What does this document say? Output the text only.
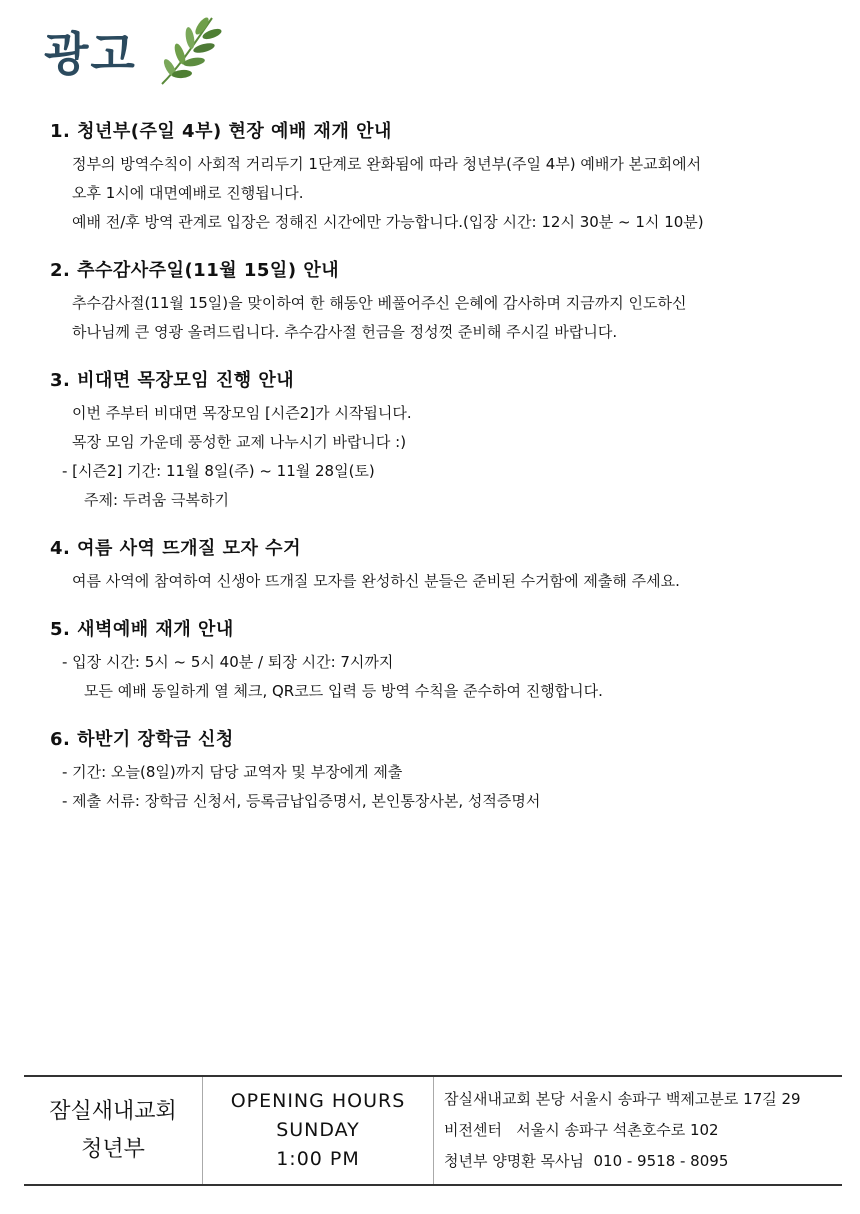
광고
1. 청년부(주일 4부) 현장 예배 재개 안내
정부의 방역수칙이 사회적 거리두기 1단계로 완화됨에 따라 청년부(주일 4부) 예배가 본교회에서
오후 1시에 대면예배로 진행됩니다.
예배 전/후 방역 관계로 입장은 정해진 시간에만 가능합니다.(입장 시간: 12시 30분 ~ 1시 10분)
2. 추수감사주일(11월 15일) 안내
추수감사절(11월 15일)을 맞이하여 한 해동안 베풀어주신 은혜에 감사하며 지금까지 인도하신
하나님께 큰 영광 올려드립니다. 추수감사절 헌금을 정성껏 준비해 주시길 바랍니다.
3. 비대면 목장모임 진행 안내
이번 주부터 비대면 목장모임 [시즌2]가 시작됩니다.
목장 모임 가운데 풍성한 교제 나누시기 바랍니다 :)
- [시즌2] 기간: 11월 8일(주) ~ 11월 28일(토)
주제: 두려움 극복하기
4. 여름 사역 뜨개질 모자 수거
여름 사역에 참여하여 신생아 뜨개질 모자를 완성하신 분들은 준비된 수거함에 제출해 주세요.
5. 새벽예배 재개 안내
- 입장 시간: 5시 ~ 5시 40분 / 퇴장 시간: 7시까지
모든 예배 동일하게 열 체크, QR코드 입력 등 방역 수칙을 준수하여 진행합니다.
6. 하반기 장학금 신청
- 기간: 오늘(8일)까지 담당 교역자 및 부장에게 제출
- 제출 서류: 장학금 신청서, 등록금납입증명서, 본인통장사본, 성적증명서
잠실새내교회
청년부
OPENING HOURS
SUNDAY
1:00 PM
잠실새내교회 본당 서울시 송파구 백제고분로 17길 29
비전센터   서울시 송파구 석촌호수로 102
청년부 양명환 목사님  010 - 9518 - 8095
